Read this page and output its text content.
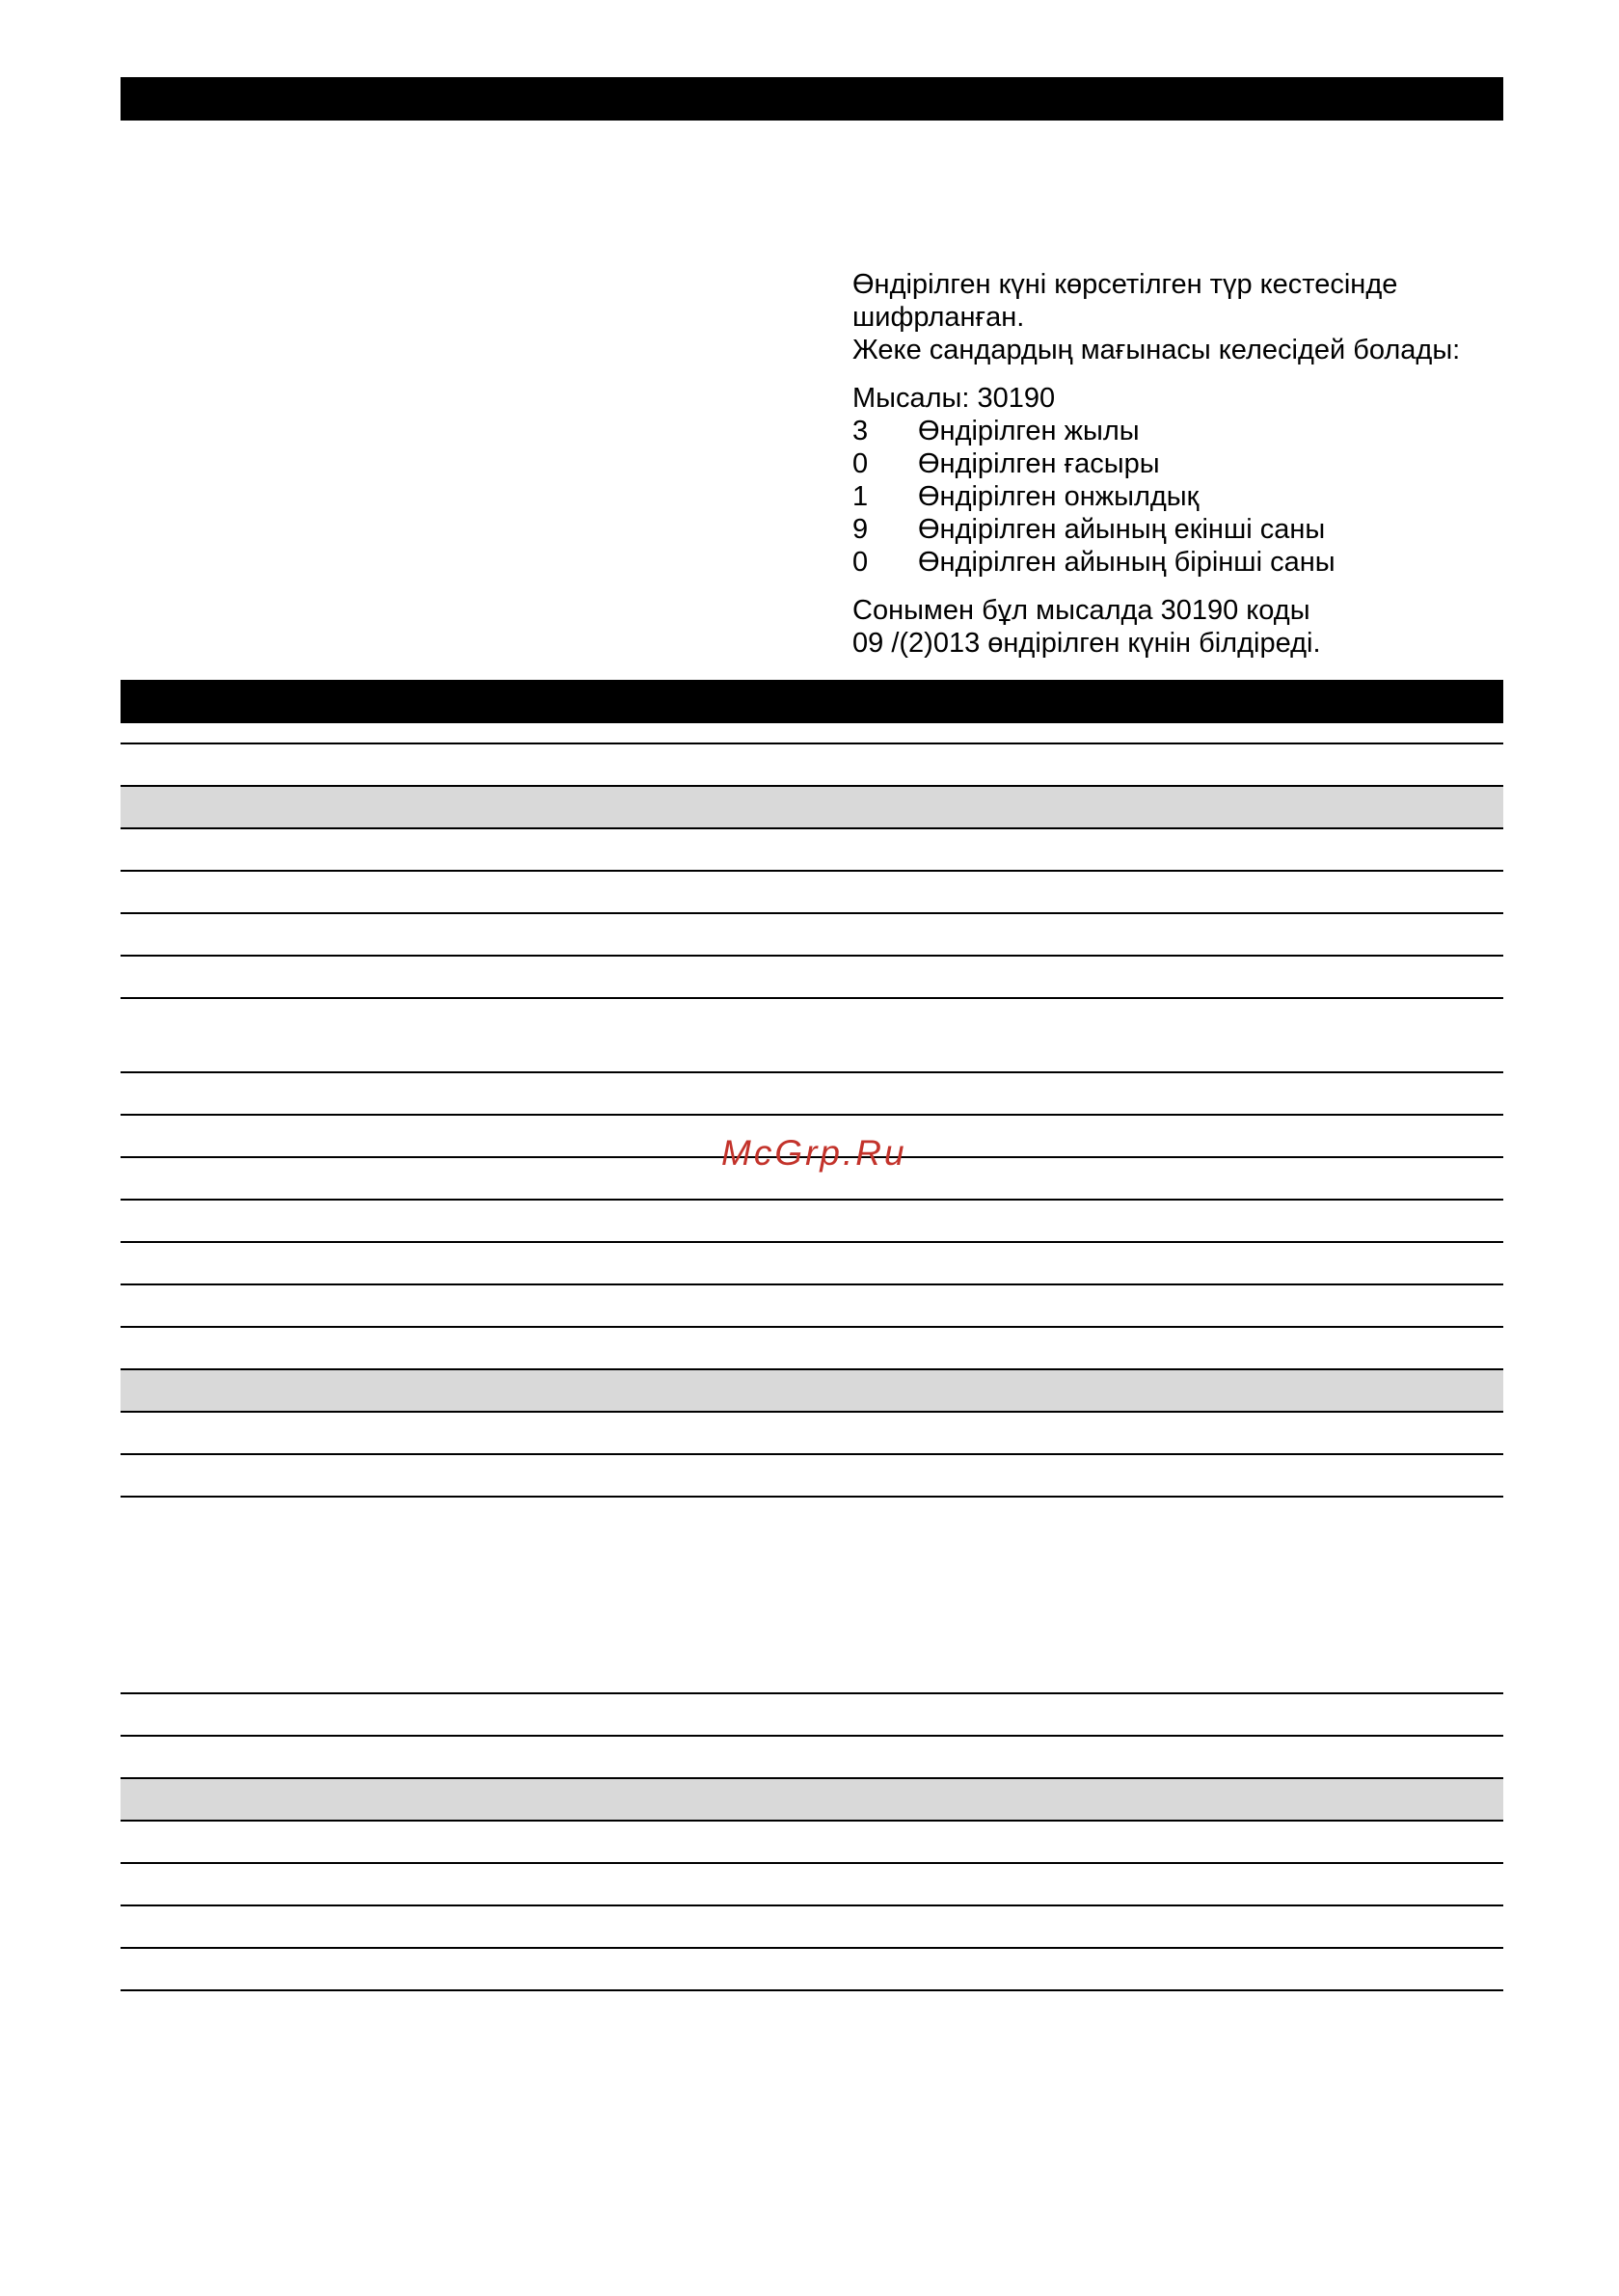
Өндірілген күні көрсетілген түр кестесінде

шифрланған.

Жеке сандардың мағынасы келесідей болады:

Мысалы: 30190

3	Өндірілген жылы
0	Өндірілген ғасыры
1	Өндірілген онжылдық
9	Өндірілген айының екінші саны
0	Өндірілген айының бірінші саны

Сонымен бұл мысалда 30190 коды

09 /(2)013 өндірілген күнін білдіреді.

McGrp.Ru
